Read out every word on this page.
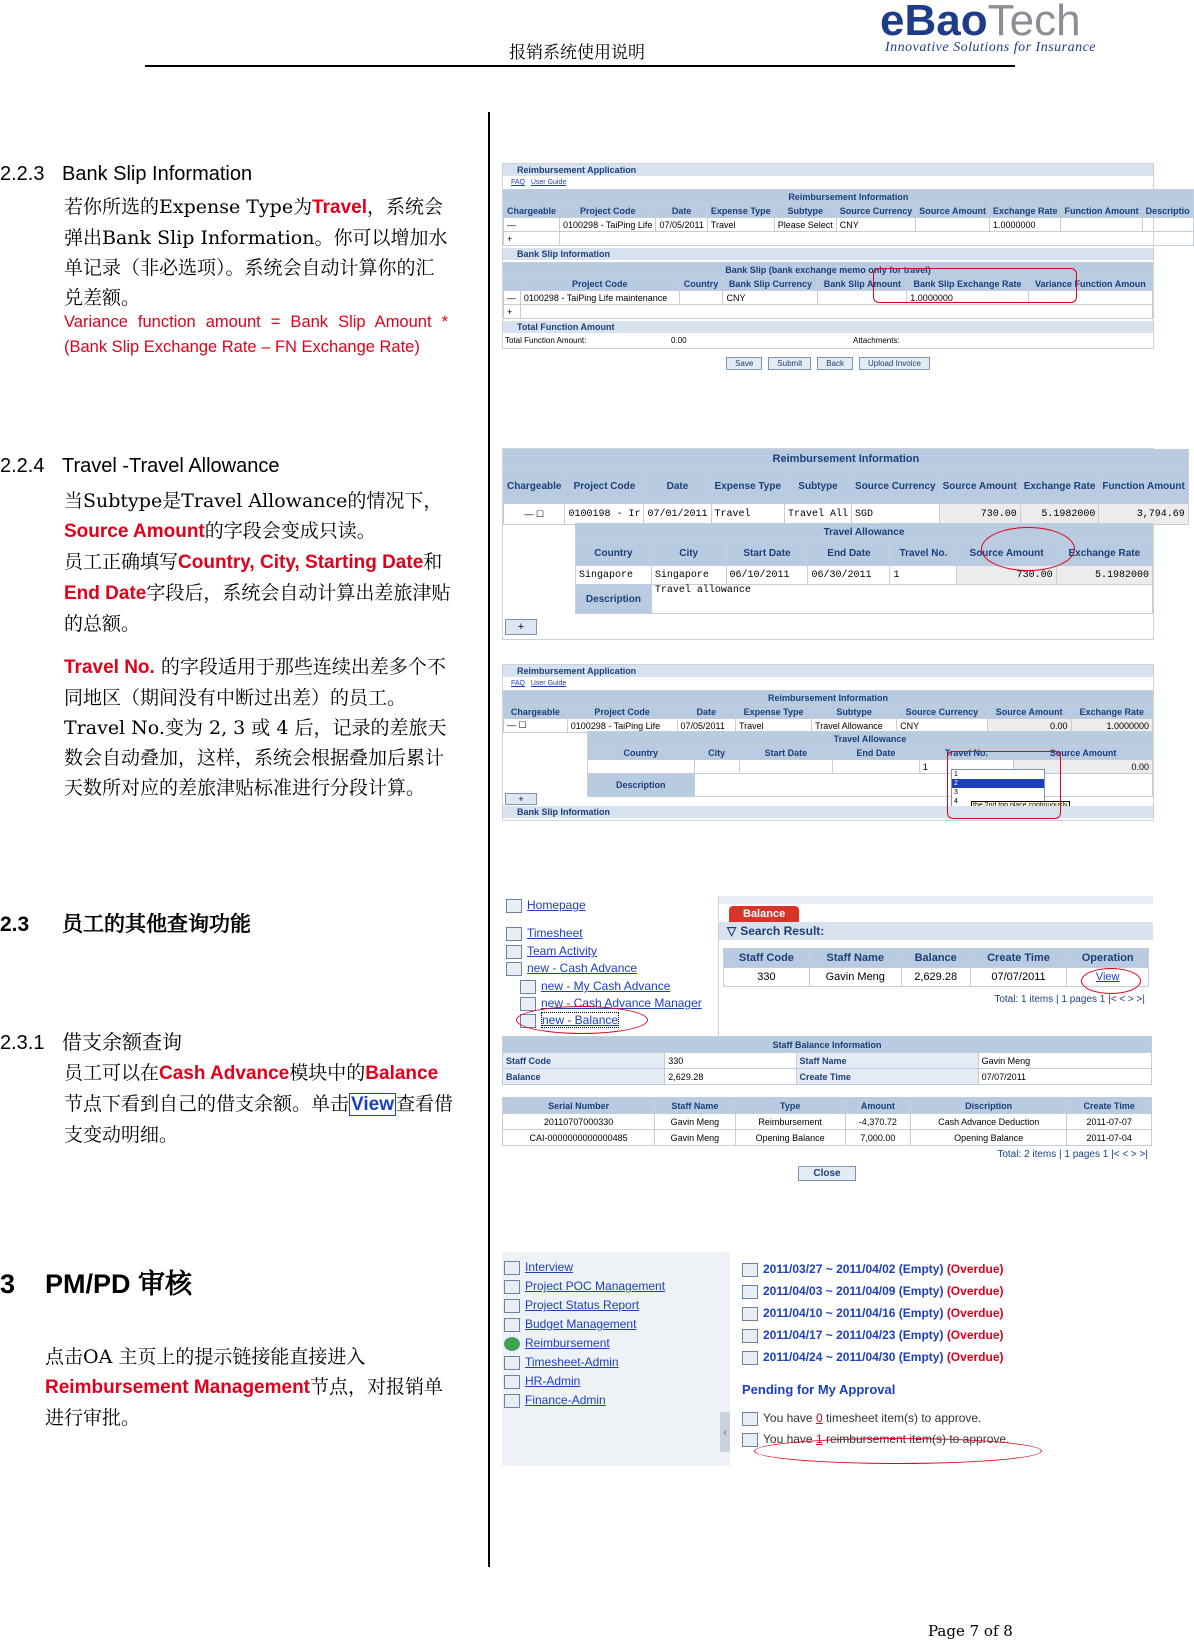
报销系统使用说明
eBaoTech
Innovative Solutions for Insurance
2.2.3 Bank Slip Information
若你所选的Expense Type为Travel，系统会弹出Bank Slip Information。你可以增加水单记录（非必选项）。系统会自动计算你的汇兑差额。
Variance function amount = Bank Slip Amount * (Bank Slip Exchange Rate – FN Exchange Rate)
2.2.4 Travel -Travel Allowance
当Subtype是Travel Allowance的情况下，
Source Amount的字段会变成只读。
员工正确填写Country, City, Starting Date和End Date字段后，系统会自动计算出差旅津贴的总额。
Travel No. 的字段适用于那些连续出差多个不同地区（期间没有中断过出差）的员工。Travel No.变为 2, 3 或 4 后，记录的差旅天数会自动叠加，这样，系统会根据叠加后累计天数所对应的差旅津贴标准进行分段计算。
2.3 员工的其他查询功能
2.3.1 借支余额查询
员工可以在Cash Advance模块中的Balance节点下看到自己的借支余额。单击 View 查看借支变动明细。
3 PM/PD 审核
点击OA 主页上的提示链接能直接进入Reimbursement Management节点，对报销单进行审批。
Reimbursement Application
FAQ User Guide
Reimbursement Information									
Chargeable	Project Code	Date	Expense Type	Subtype	Source Currency	Source Amount	Exchange Rate	Function Amount	Descriptio
—	0100298 - TaiPing Life	07/05/2011	Travel	Please Select	CNY		1.0000000		
+									
Bank Slip Information
Bank Slip (bank exchange memo only for travel)						
	Project Code	Country	Bank Slip Currency	Bank Slip Amount	Bank Slip Exchange Rate	Variance Function Amoun
—	0100298 - TaiPing Life maintenance		CNY		1.0000000	
+						
Total Function Amount
Total Function Amount:	0.00	Attachments:
Save	Submit	Back	Upload Invoice
Reimbursement Information								
Chargeable	Project Code	Date	Expense Type	Subtype	Source Currency	Source Amount	Exchange Rate	Function Amount
— ☐	0100198 - Ir	07/01/2011	Travel	Travel All	SGD	730.00	5.1982000	3,794.69
Travel Allowance						
Country	City	Start Date	End Date	Travel No.	Source Amount	Exchange Rate
Singapore	Singapore	06/10/2011	06/30/2011	1	730.00	5.1982000
Description	Travel allowance					
+
Reimbursement Application
FAQ User Guide
Reimbursement Information							
Chargeable	Project Code	Date	Expense Type	Subtype	Source Currency	Source Amount	Exchange Rate
— ☐	0100298 - TaiPing Life	07/05/2011	Travel	Travel Allowance	CNY	0.00	1.0000000
Travel Allowance					
Country	City	Start Date	End Date	Travel No.	Source Amount
				1	0.00
Description					
1
2
3
4
+
Bank Slip Information
Homepage
Timesheet
Team Activity
new - Cash Advance
new - My Cash Advance
new - Cash Advance Manager
new - Balance
Balance
▽ Search Result:
Staff Code	Staff Name	Balance	Create Time	Operation
330	Gavin Meng	2,629.28	07/07/2011	View
Total: 1 items | 1 pages 1 |< < > >|
Staff Balance Information			
Staff Code	330	Staff Name	Gavin Meng
Balance	2,629.28	Create Time	07/07/2011
Serial Number	Staff Name	Type	Amount	Discription	Create Time
20110707000330	Gavin Meng	Reimbursement	-4,370.72	Cash Advance Deduction	2011-07-07
CAI-0000000000000485	Gavin Meng	Opening Balance	7,000.00	Opening Balance	2011-07-04
Total: 2 items | 1 pages 1 |< < > >|
Close
Interview
Project POC Management
Project Status Report
Budget Management
Reimbursement
Timesheet-Admin
HR-Admin
Finance-Admin
‹
2011/03/27 ~ 2011/04/02 (Empty) (Overdue)
2011/04/03 ~ 2011/04/09 (Empty) (Overdue)
2011/04/10 ~ 2011/04/16 (Empty) (Overdue)
2011/04/17 ~ 2011/04/23 (Empty) (Overdue)
2011/04/24 ~ 2011/04/30 (Empty) (Overdue)
Pending for My Approval
You have 0 timesheet item(s) to approve.
You have 1 reimbursement item(s) to approve.
Page 7 of 8
